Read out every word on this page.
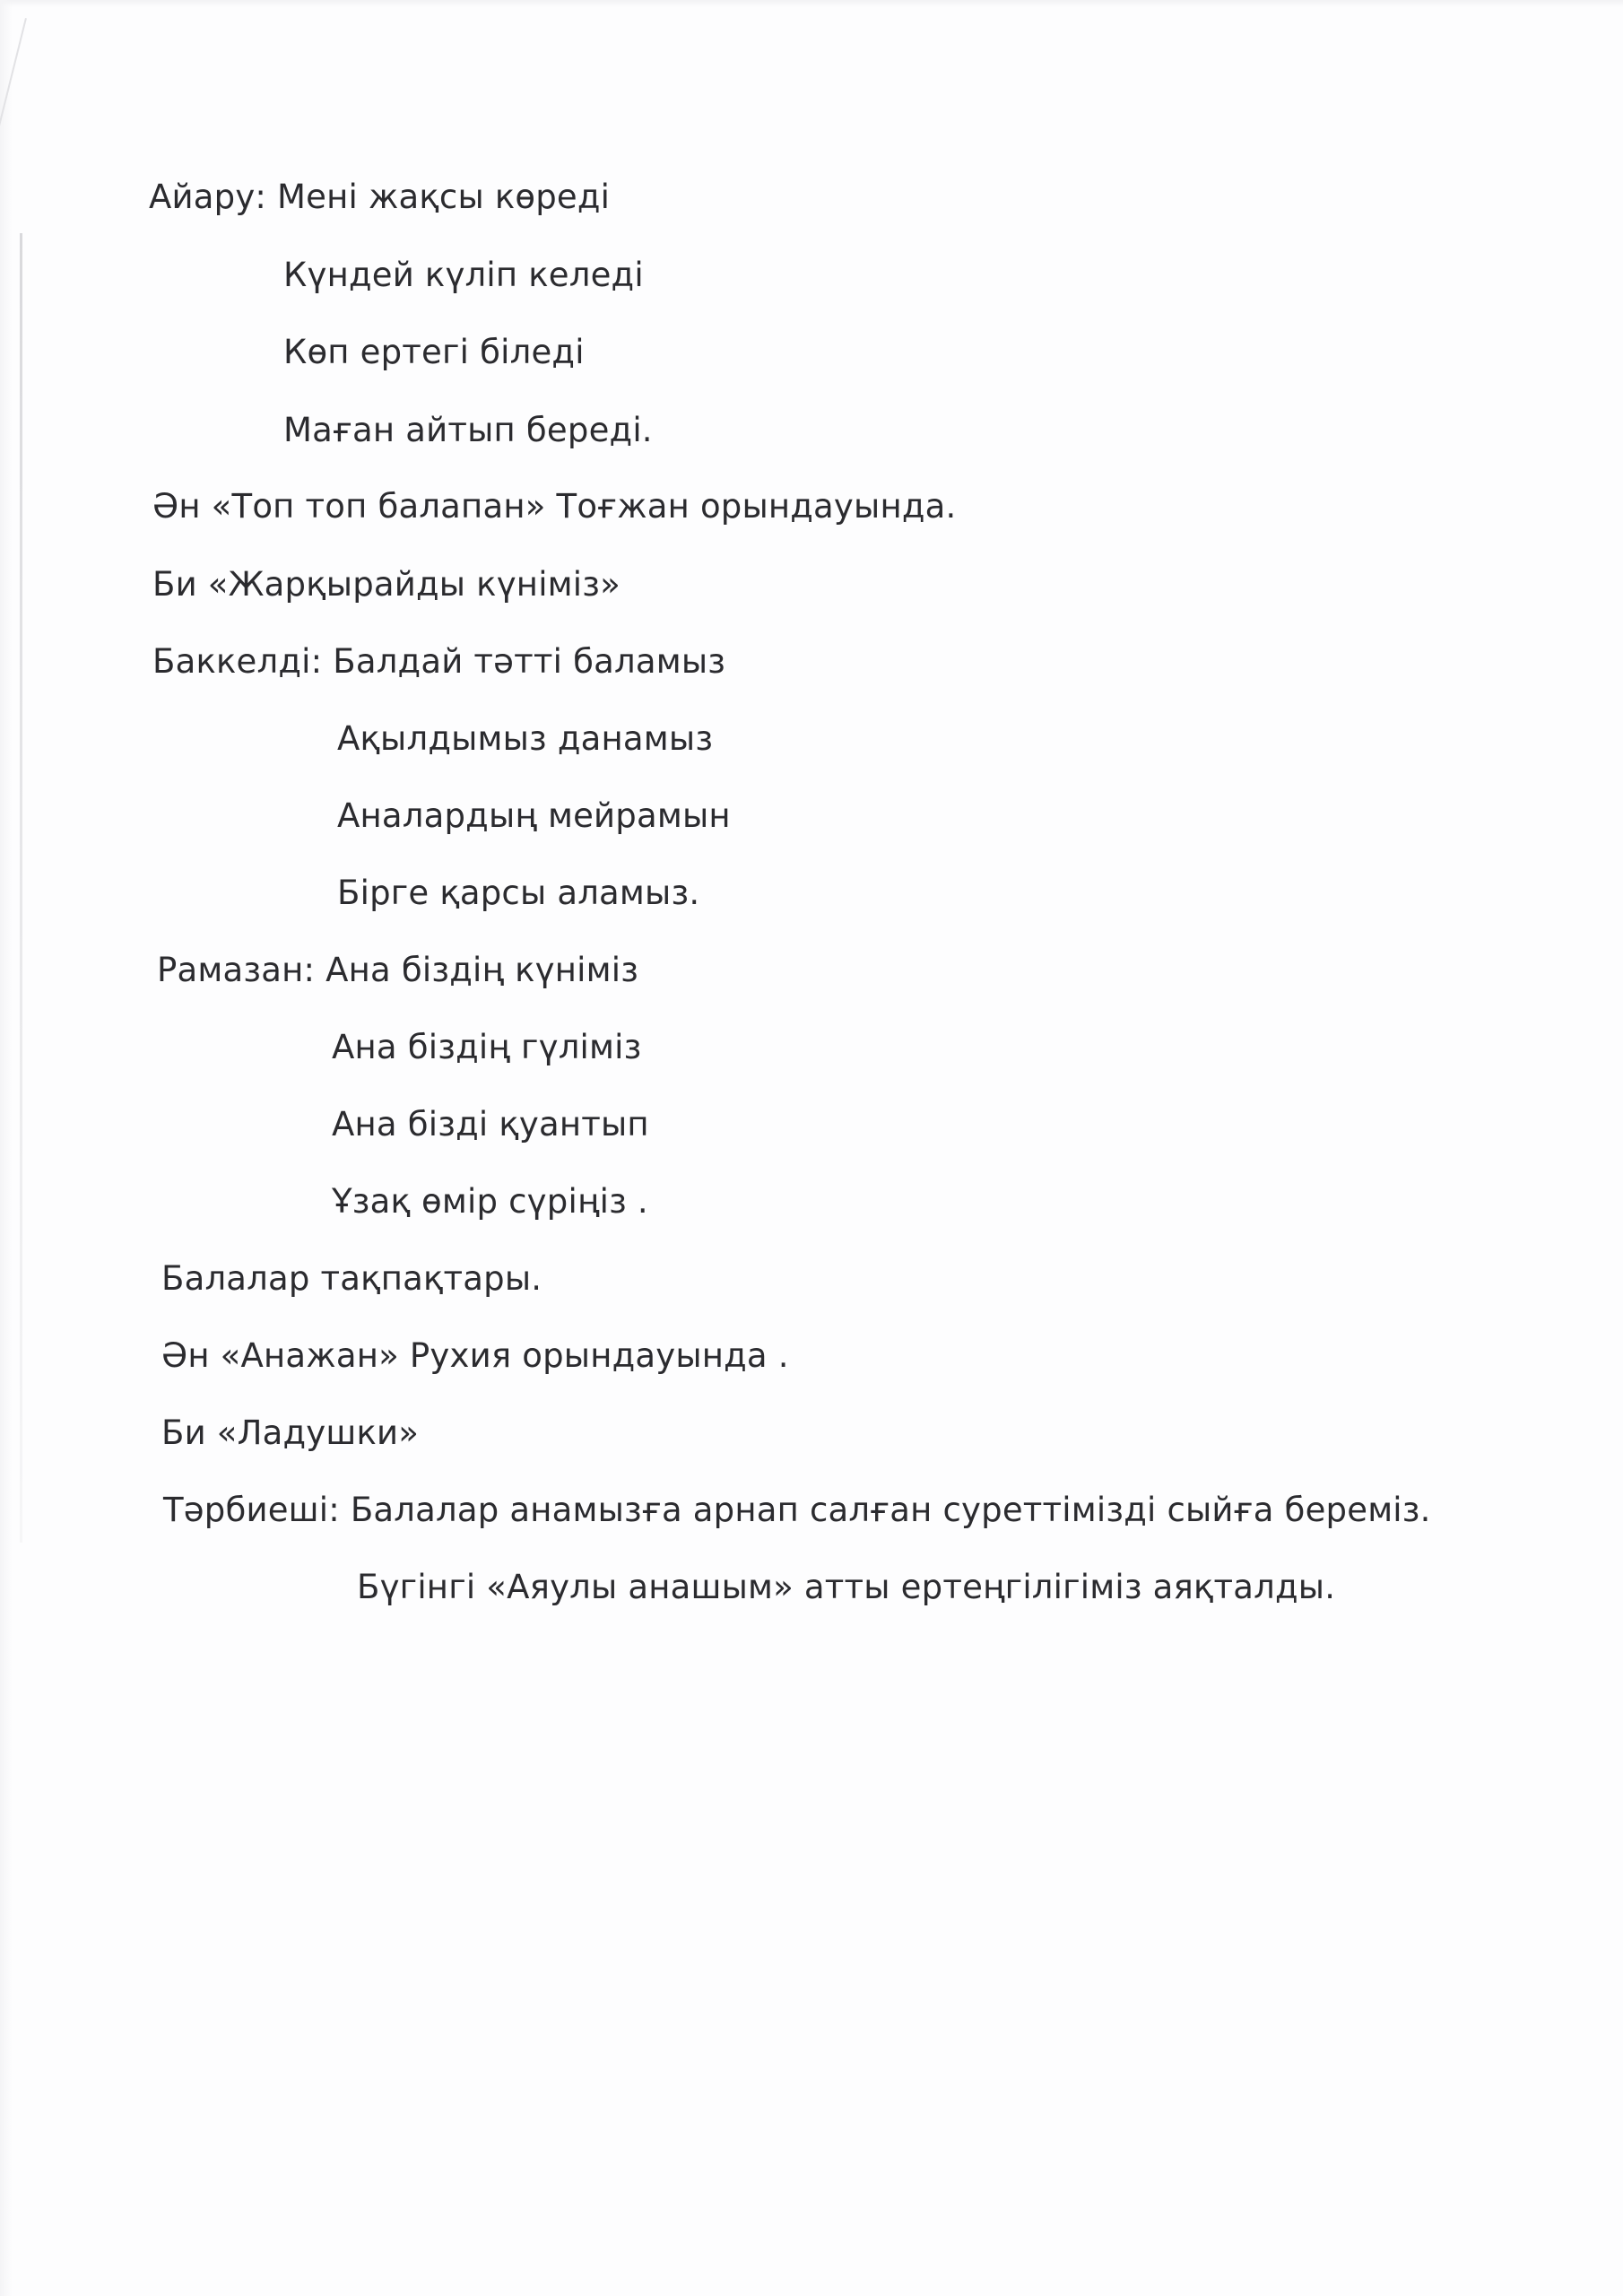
Айару: Мені жақсы көреді
Күндей күліп келеді
Көп ертегі біледі
Маған айтып береді.
Ән «Топ топ балапан» Тоғжан орындауында.
Би «Жарқырайды күніміз»
Баккелді: Балдай тәтті баламыз
Ақылдымыз данамыз
Аналардың мейрамын
Бірге қарсы аламыз.
Рамазан: Ана біздің күніміз
Ана біздің гүліміз
Ана бізді қуантып
Ұзақ өмір сүріңіз .
Балалар тақпақтары.
Ән «Анажан» Рухия орындауында .
Би «Ладушки»
Тәрбиеші: Балалар анамызға арнап салған суреттімізді сыйға береміз.
Бүгінгі «Аяулы анашым» атты ертеңгілігіміз аяқталды.
